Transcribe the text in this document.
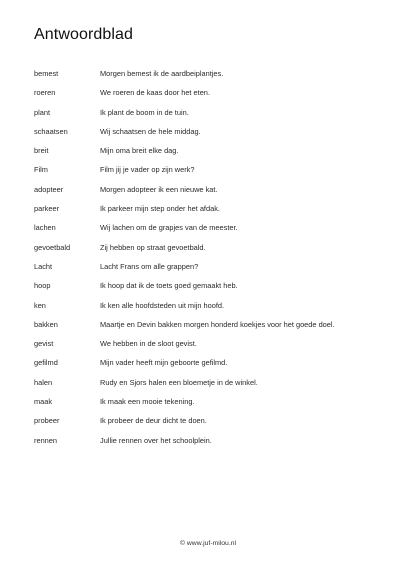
Antwoordblad
bemest	Morgen bemest ik de aardbeiplantjes.
roeren	We roeren de kaas door het eten.
plant	Ik plant de boom in de tuin.
schaatsen	Wij schaatsen de hele middag.
breit	Mijn oma breit elke dag.
Film	Film jij je vader op zijn werk?
adopteer	Morgen adopteer ik een nieuwe kat.
parkeer	Ik parkeer mijn step onder het afdak.
lachen	Wij lachen om de grapjes van de meester.
gevoetbald	Zij hebben op straat gevoetbald.
Lacht	Lacht Frans om alle grappen?
hoop	Ik hoop dat ik de toets goed gemaakt heb.
ken	Ik ken alle hoofdsteden uit mijn hoofd.
bakken	Maartje en Devin bakken morgen honderd koekjes voor het goede doel.
gevist	We hebben in de sloot gevist.
gefilmd	Mijn vader heeft mijn geboorte gefilmd.
halen	Rudy en Sjors halen een bloemetje in de winkel.
maak	Ik maak een mooie tekening.
probeer	Ik probeer de deur dicht te doen.
rennen	Jullie rennen over het schoolplein.
© www.juf-milou.nl
